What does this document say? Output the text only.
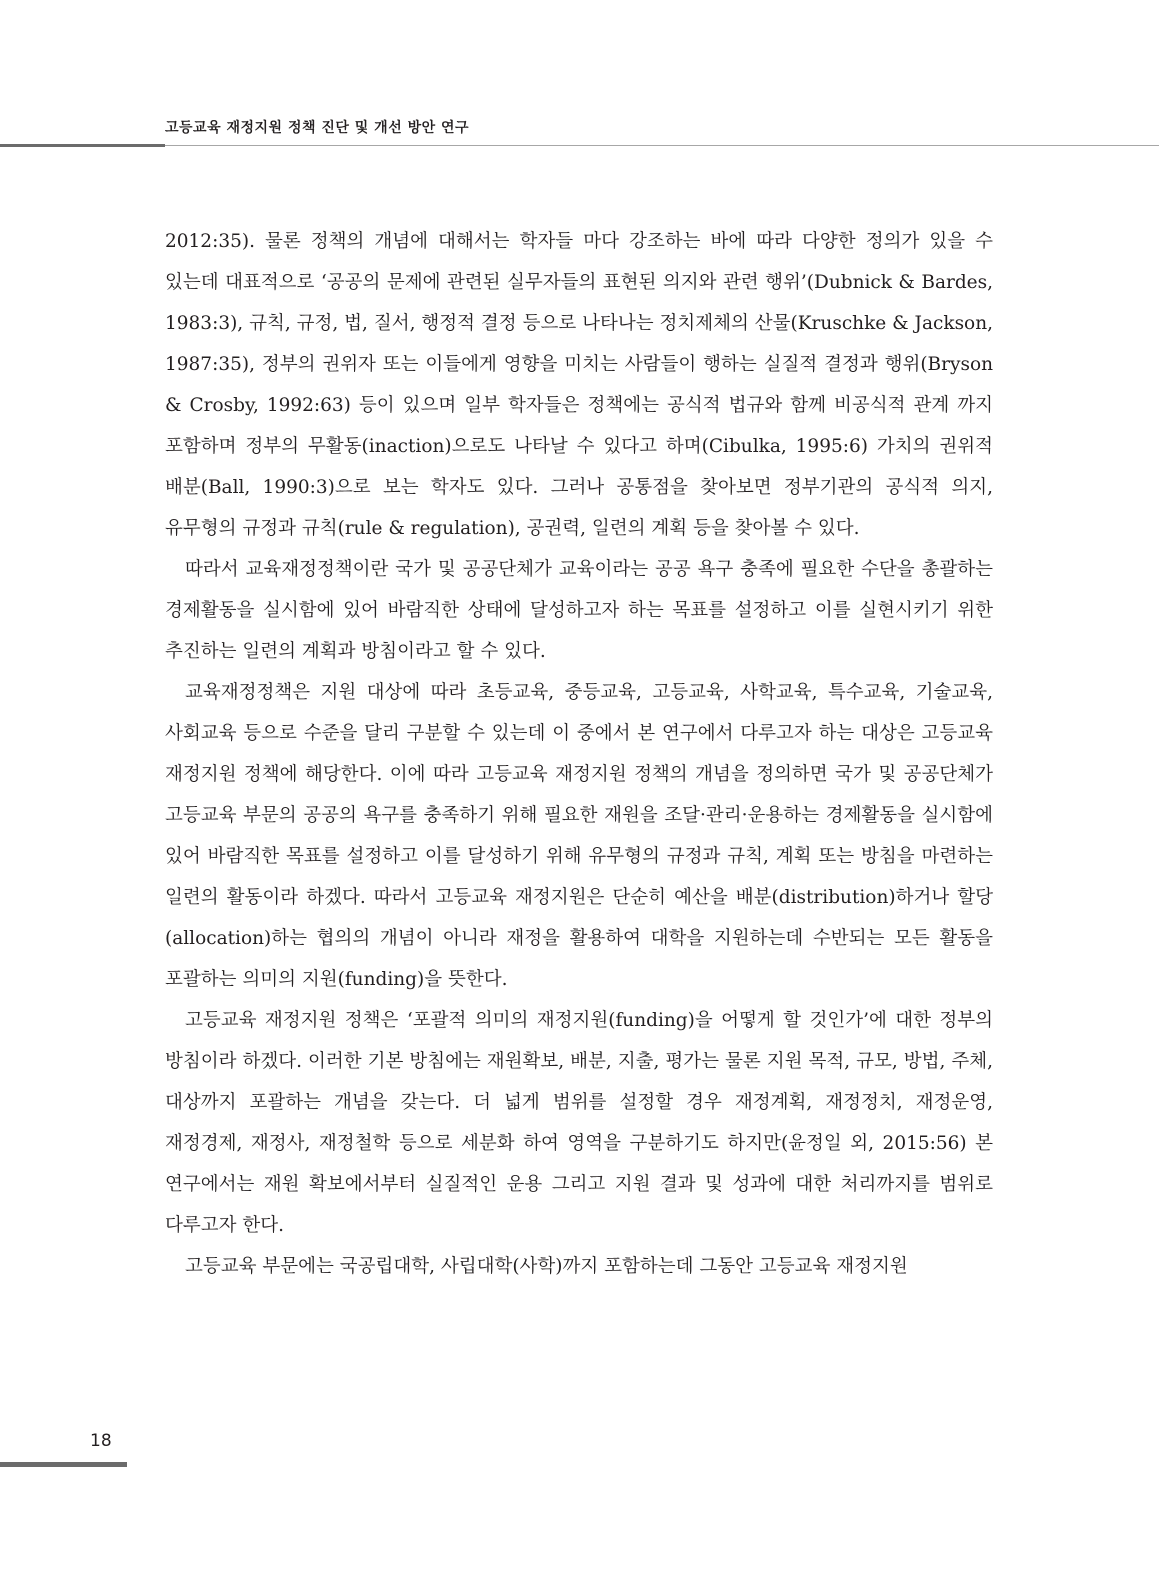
고등교육 재정지원 정책 진단 및 개선 방안 연구

2012:35). 물론 정책의 개념에 대해서는 학자들 마다 강조하는 바에 따라 다양한 정의가 있을 수 있는데 대표적으로 ‘공공의 문제에 관련된 실무자들의 표현된 의지와 관련 행위’(Dubnick & Bardes, 1983:3), 규칙, 규정, 법, 질서, 행정적 결정 등으로 나타나는 정치제체의 산물(Kruschke & Jackson, 1987:35), 정부의 권위자 또는 이들에게 영향을 미치는 사람들이 행하는 실질적 결정과 행위(Bryson & Crosby, 1992:63) 등이 있으며 일부 학자들은 정책에는 공식적 법규와 함께 비공식적 관계 까지 포함하며 정부의 무활동(inaction)으로도 나타날 수 있다고 하며(Cibulka, 1995:6) 가치의 권위적 배분(Ball, 1990:3)으로 보는 학자도 있다. 그러나 공통점을 찾아보면 정부기관의 공식적 의지, 유무형의 규정과 규칙(rule & regulation), 공권력, 일련의 계획 등을 찾아볼 수 있다.

따라서 교육재정정책이란 국가 및 공공단체가 교육이라는 공공 욕구 충족에 필요한 수단을 총괄하는 경제활동을 실시함에 있어 바람직한 상태에 달성하고자 하는 목표를 설정하고 이를 실현시키기 위한 추진하는 일련의 계획과 방침이라고 할 수 있다.

교육재정정책은 지원 대상에 따라 초등교육, 중등교육, 고등교육, 사학교육, 특수교육, 기술교육, 사회교육 등으로 수준을 달리 구분할 수 있는데 이 중에서 본 연구에서 다루고자 하는 대상은 고등교육 재정지원 정책에 해당한다. 이에 따라 고등교육 재정지원 정책의 개념을 정의하면 국가 및 공공단체가 고등교육 부문의 공공의 욕구를 충족하기 위해 필요한 재원을 조달·관리·운용하는 경제활동을 실시함에 있어 바람직한 목표를 설정하고 이를 달성하기 위해 유무형의 규정과 규칙, 계획 또는 방침을 마련하는 일련의 활동이라 하겠다. 따라서 고등교육 재정지원은 단순히 예산을 배분(distribution)하거나 할당(allocation)하는 협의의 개념이 아니라 재정을 활용하여 대학을 지원하는데 수반되는 모든 활동을 포괄하는 의미의 지원(funding)을 뜻한다.

고등교육 재정지원 정책은 ‘포괄적 의미의 재정지원(funding)을 어떻게 할 것인가’에 대한 정부의 방침이라 하겠다. 이러한 기본 방침에는 재원확보, 배분, 지출, 평가는 물론 지원 목적, 규모, 방법, 주체, 대상까지 포괄하는 개념을 갖는다. 더 넓게 범위를 설정할 경우 재정계획, 재정정치, 재정운영, 재정경제, 재정사, 재정철학 등으로 세분화 하여 영역을 구분하기도 하지만(윤정일 외, 2015:56) 본 연구에서는 재원 확보에서부터 실질적인 운용 그리고 지원 결과 및 성과에 대한 처리까지를 범위로 다루고자 한다.

고등교육 부문에는 국공립대학, 사립대학(사학)까지 포함하는데 그동안 고등교육 재정지원

18
